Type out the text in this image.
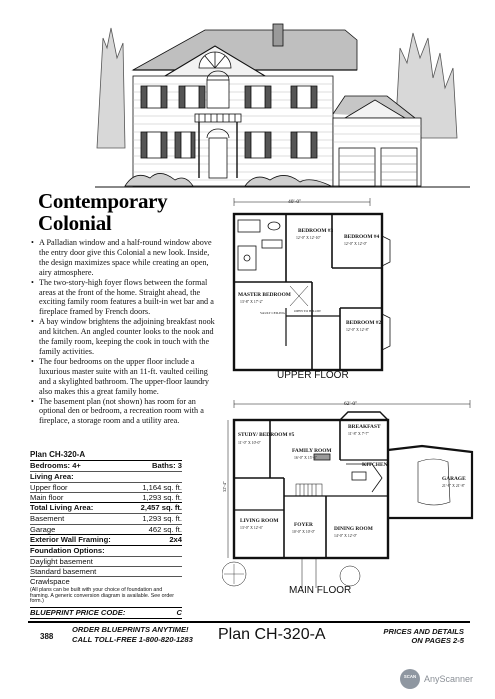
Contemporary
Colonial
• A Palladian window and a half-round window above the entry door give this Colonial a new look. Inside, the design maximizes space while creating an open, airy atmosphere.
• The two-story-high foyer flows between the formal areas at the front of the home. Straight ahead, the exciting family room features a built-in wet bar and a fireplace framed by French doors.
• A bay window brightens the adjoining breakfast nook and kitchen. An angled counter looks to the nook and the family room, keeping the cook in touch with the family activities.
• The four bedrooms on the upper floor include a luxurious master suite with an 11-ft. vaulted ceiling and a skylighted bathroom. The upper-floor laundry also makes this a great family home.
• The basement plan (not shown) has room for an optional den or bedroom, a recreation room with a fireplace, a storage room and a utility area.
Plan CH-320-A
Bedrooms: 4+	Baths: 3
Living Area:
Upper floor	1,164 sq. ft.
Main floor	1,293 sq. ft.
Total Living Area:	2,457 sq. ft.
Basement	1,293 sq. ft.
Garage	462 sq. ft.
Exterior Wall Framing:	2x4
Foundation Options:
Daylight basement
Standard basement
Crawlspace
(All plans can be built with your choice of foundation and framing. A generic conversion diagram is available. See order form.)
BLUEPRINT PRICE CODE:	C
40'-0"
BEDROOM #3
12'-0" X 12'-10"	BEDROOM #4
12'-0" X 12'-0"
MASTER BEDROOM
13'-8" X 17'-2"
VAULT CEILING	OPEN TO BELOW
BEDROOM #2
12'-0" X 12'-8"
UPPER FLOOR
62'-0"
32'-4"
STUDY/ BEDROOM #5
11'-0" X 10'-0"
FAMILY ROOM
16'-0" X 15'-6"
BREAKFAST
11'-8" X 7'-7"
KITCHEN
GARAGE
21'-8" X 21'-8"
LIVING ROOM
13'-0" X 12'-6"	FOYER
10'-0" X 10'-0"	DINING ROOM
14'-0" X 12'-0"
MAIN FLOOR
388
ORDER BLUEPRINTS ANYTIME!
CALL TOLL-FREE 1-800-820-1283 Plan CH-320-A	PRICES AND DETAILS
ON PAGES 2-5
SCAN AnyScanner
